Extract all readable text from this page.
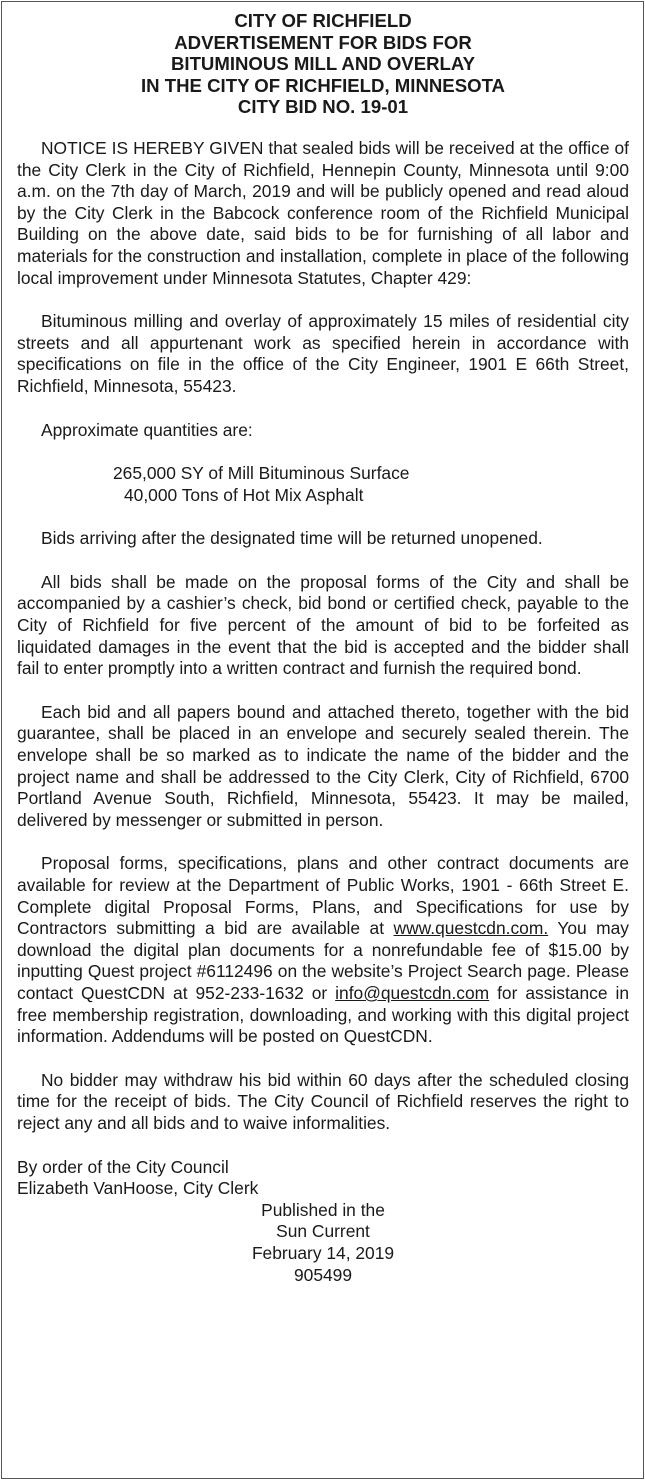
CITY OF RICHFIELD
ADVERTISEMENT FOR BIDS FOR
BITUMINOUS MILL AND OVERLAY
IN THE CITY OF RICHFIELD, MINNESOTA
CITY BID NO. 19-01

NOTICE IS HEREBY GIVEN that sealed bids will be received at the office of the City Clerk in the City of Richfield, Hennepin County, Minnesota until 9:00 a.m. on the 7th day of March, 2019 and will be publicly opened and read aloud by the City Clerk in the Babcock conference room of the Richfield Municipal Building on the above date, said bids to be for furnishing of all labor and materials for the construction and installation, complete in place of the following local improvement under Minnesota Statutes, Chapter 429:

Bituminous milling and overlay of approximately 15 miles of residential city streets and all appurtenant work as specified herein in accordance with specifications on file in the office of the City Engineer, 1901 E 66th Street, Richfield, Minnesota, 55423.

Approximate quantities are:

265,000 SY of Mill Bituminous Surface
40,000 Tons of Hot Mix Asphalt

Bids arriving after the designated time will be returned unopened.

All bids shall be made on the proposal forms of the City and shall be accompanied by a cashier’s check, bid bond or certified check, payable to the City of Richfield for five percent of the amount of bid to be forfeited as liquidated damages in the event that the bid is accepted and the bidder shall fail to enter promptly into a written contract and furnish the required bond.

Each bid and all papers bound and attached thereto, together with the bid guarantee, shall be placed in an envelope and securely sealed therein. The envelope shall be so marked as to indicate the name of the bidder and the project name and shall be addressed to the City Clerk, City of Richfield, 6700 Portland Avenue South, Richfield, Minnesota, 55423. It may be mailed, delivered by messenger or submitted in person.

Proposal forms, specifications, plans and other contract documents are available for review at the Department of Public Works, 1901 - 66th Street E. Complete digital Proposal Forms, Plans, and Specifications for use by Contractors submitting a bid are available at www.questcdn.com. You may download the digital plan documents for a nonrefundable fee of $15.00 by inputting Quest project #6112496 on the website’s Project Search page. Please contact QuestCDN at 952-233-1632 or info@questcdn.com for assistance in free membership registration, downloading, and working with this digital project information. Addendums will be posted on QuestCDN.

No bidder may withdraw his bid within 60 days after the scheduled closing time for the receipt of bids. The City Council of Richfield reserves the right to reject any and all bids and to waive informalities.

By order of the City Council
Elizabeth VanHoose, City Clerk
Published in the
Sun Current
February 14, 2019
905499
